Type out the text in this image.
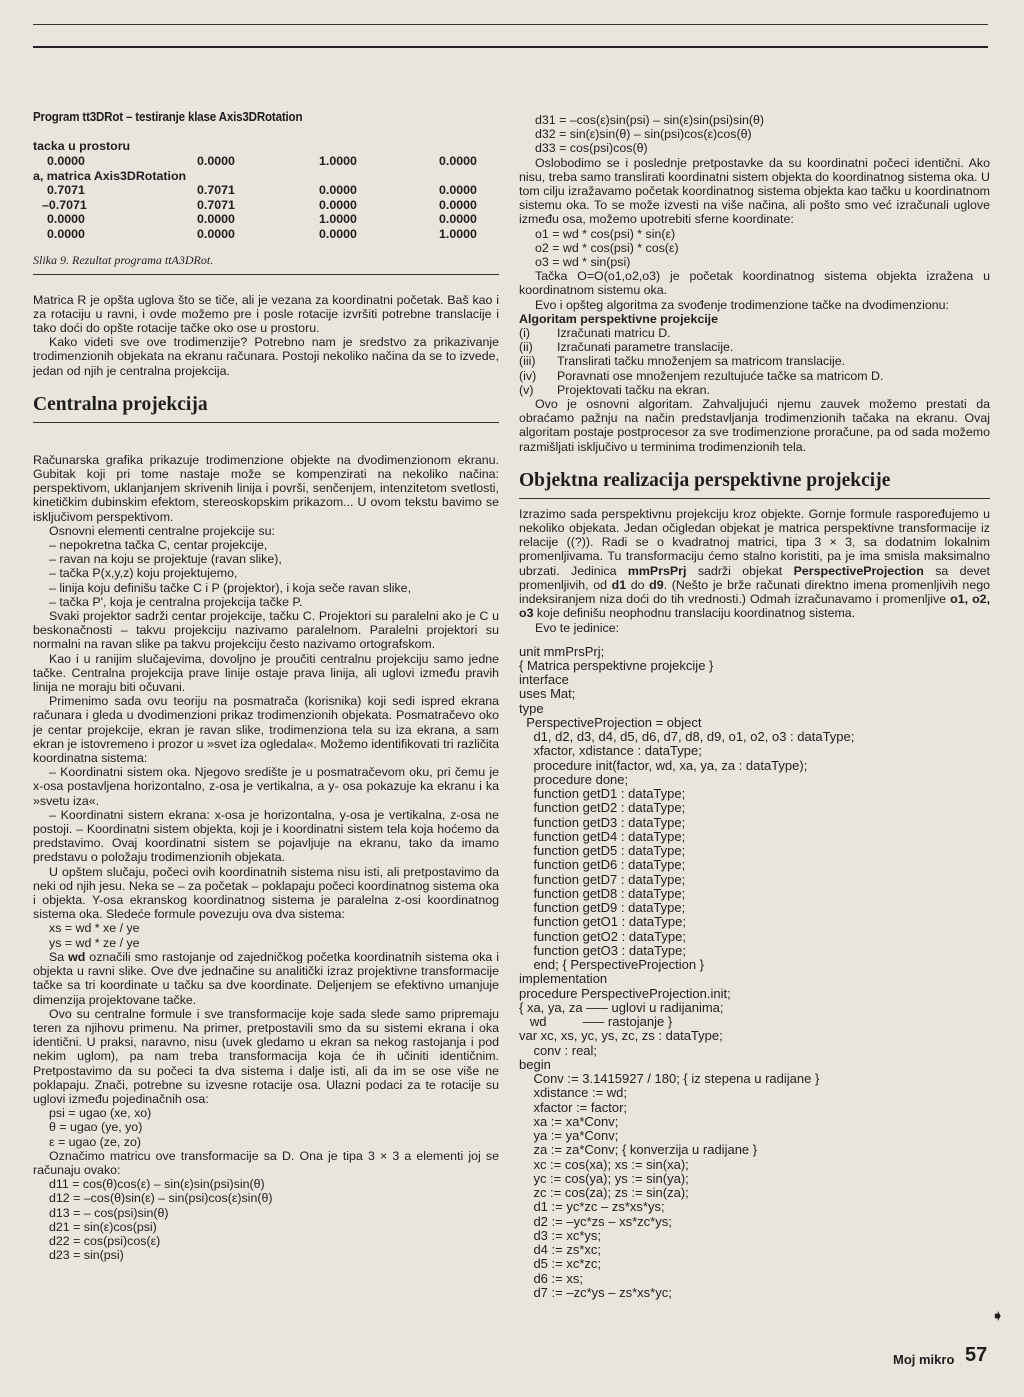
Program tt3DRot – testiranje klase Axis3DRotation
tacka u prostoru			
0.0000	0.0000	1.0000	0.0000
a, matrica Axis3DRotation			
0.7071	0.7071	0.0000	0.0000
–0.7071	0.7071	0.0000	0.0000
0.0000	0.0000	1.0000	0.0000
0.0000	0.0000	0.0000	1.0000
Slika 9. Rezultat programa ttA3DRot.

Matrica R je opšta uglova što se tiče, ali je vezana za koordinatni početak. Baš kao i za rotaciju u ravni, i ovde možemo pre i posle rotacije izvršiti potrebne translacije i tako doći do opšte rotacije tačke oko ose u prostoru.

Kako videti sve ove trodimenzije? Potrebno nam je sredstvo za prikazivanje trodimenzionih objekata na ekranu računara. Postoji nekoliko načina da se to izvede, jedan od njih je centralna projekcija.

Centralna projekcija

Računarska grafika prikazuje trodimenzione objekte na dvodimenzionom ekranu. Gubitak koji pri tome nastaje može se kompenzirati na nekoliko načina: perspektivom, uklanjanjem skrivenih linija i površi, senčenjem, intenzitetom svetlosti, kinetičkim dubinskim efektom, stereoskopskim prikazom... U ovom tekstu bavimo se isključivom perspektivom.

Osnovni elementi centralne projekcije su:

– nepokretna tačka C, centar projekcije,

– ravan na koju se projektuje (ravan slike),

– tačka P(x,y,z) koju projektujemo,

– linija koju definišu tačke C i P (projektor), i koja seče ravan slike,

– tačka P', koja je centralna projekcija tačke P.

Svaki projektor sadrži centar projekcije, tačku C. Projektori su paralelni ako je C u beskonačnosti – takvu projekciju nazivamo paralelnom. Paralelni projektori su normalni na ravan slike pa takvu projekciju često nazivamo ortografskom.

Kao i u ranijim slučajevima, dovoljno je proučiti centralnu projekciju samo jedne tačke. Centralna projekcija prave linije ostaje prava linija, ali uglovi između pravih linija ne moraju biti očuvani.

Primenimo sada ovu teoriju na posmatrača (korisnika) koji sedi ispred ekrana računara i gleda u dvodimenzioni prikaz trodimenzionih objekata. Posmatračevo oko je centar projekcije, ekran je ravan slike, trodimenziona tela su iza ekrana, a sam ekran je istovremeno i prozor u »svet iza ogledala«. Možemo identifikovati tri različita koordinatna sistema:

– Koordinatni sistem oka. Njegovo središte je u posmatračevom oku, pri čemu je x-osa postavljena horizontalno, z-osa je vertikalna, a y- osa pokazuje ka ekranu i ka »svetu iza«.

– Koordinatni sistem ekrana: x-osa je horizontalna, y-osa je vertikalna, z-osa ne postoji. – Koordinatni sistem objekta, koji je i koordinatni sistem tela koja hoćemo da predstavimo. Ovaj koordinatni sistem se pojavljuje na ekranu, tako da imamo predstavu o položaju trodimenzionih objekata.

U opštem slučaju, počeci ovih koordinatnih sistema nisu isti, ali pretpostavimo da neki od njih jesu. Neka se – za početak – poklapaju počeci koordinatnog sistema oka i objekta. Y-osa ekranskog koordinatnog sistema je paralelna z-osi koordinatnog sistema oka. Sledeće formule povezuju ova dva sistema:

xs = wd * xe / ye

ys = wd * ze / ye

Sa wd označili smo rastojanje od zajedničkog početka koordinatnih sistema oka i objekta u ravni slike. Ove dve jednačine su analitički izraz projektivne transformacije tačke sa tri koordinate u tačku sa dve koordinate. Deljenjem se efektivno umanjuje dimenzija projektovane tačke.

Ovo su centralne formule i sve transformacije koje sada slede samo pripremaju teren za njihovu primenu. Na primer, pretpostavili smo da su sistemi ekrana i oka identični. U praksi, naravno, nisu (uvek gledamo u ekran sa nekog rastojanja i pod nekim uglom), pa nam treba transformacija koja će ih učiniti identičnim. Pretpostavimo da su počeci ta dva sistema i dalje isti, ali da im se ose više ne poklapaju. Znači, potrebne su izvesne rotacije osa. Ulazni podaci za te rotacije su uglovi između pojedinačnih osa:

psi = ugao (xe, xo)

θ = ugao (ye, yo)

ε = ugao (ze, zo)

Označimo matricu ove transformacije sa D. Ona je tipa 3 × 3 a elementi joj se računaju ovako:

d11 = cos(θ)cos(ε) – sin(ε)sin(psi)sin(θ)

d12 = –cos(θ)sin(ε) – sin(psi)cos(ε)sin(θ)

d13 = – cos(psi)sin(θ)

d21 = sin(ε)cos(psi)

d22 = cos(psi)cos(ε)

d23 = sin(psi)

d31 = –cos(ε)sin(psi) – sin(ε)sin(psi)sin(θ)

d32 = sin(ε)sin(θ) – sin(psi)cos(ε)cos(θ)

d33 = cos(psi)cos(θ)

Oslobodimo se i poslednje pretpostavke da su koordinatni počeci identični. Ako nisu, treba samo translirati koordinatni sistem objekta do koordinatnog sistema oka. U tom cilju izražavamo početak koordinatnog sistema objekta kao tačku u koordinatnom sistemu oka. To se može izvesti na više načina, ali pošto smo već izračunali uglove između osa, možemo upotrebiti sferne koordinate:

o1 = wd * cos(psi) * sin(ε)

o2 = wd * cos(psi) * cos(ε)

o3 = wd * sin(psi)

Tačka O=O(o1,o2,o3) je početak koordinatnog sistema objekta izražena u koordinatnom sistemu oka.

Evo i opšteg algoritma za svođenje trodimenzione tačke na dvodimenzionu:

Algoritam perspektivne projekcije

(i)	Izračunati matricu D.
(ii)	Izračunati parametre translacije.
(iii)	Translirati tačku množenjem sa matricom translacije.
(iv)	Poravnati ose množenjem rezultujuće tačke sa matricom D.
(v)	Projektovati tačku na ekran.

Ovo je osnovni algoritam. Zahvaljujući njemu zauvek možemo prestati da obraćamo pažnju na način predstavljanja trodimenzionih tačaka na ekranu. Ovaj algoritam postaje postprocesor za sve trodimenzione proračune, pa od sada možemo razmišljati isključivo u terminima trodimenzionih tela.

Objektna realizacija perspektivne projekcije

Izrazimo sada perspektivnu projekciju kroz objekte. Gornje formule raspoređujemo u nekoliko objekata. Jedan očigledan objekat je matrica perspektivne transformacije iz relacije ((?)). Radi se o kvadratnoj matrici, tipa 3 × 3, sa dodatnim lokalnim promenljivama. Tu transformaciju ćemo stalno koristiti, pa je ima smisla maksimalno ubrzati. Jedinica mmPrsPrj sadrži objekat PerspectiveProjection sa devet promenljivih, od d1 do d9. (Nešto je brže računati direktno imena promenljivih nego indeksiranjem niza doći do tih vrednosti.) Odmah izračunavamo i promenljive o1, o2, o3 koje definišu neophodnu translaciju koordinatnog sistema.

Evo te jedinice:

unit mmPrsPrj;
{ Matrica perspektivne projekcije }
interface
uses Mat;
type
PerspectiveProjection = object
d1, d2, d3, d4, d5, d6, d7, d8, d9, o1, o2, o3 : dataType;
xfactor, xdistance : dataType;
procedure init(factor, wd, xa, ya, za : dataType);
procedure done;
function getD1 : dataType;
function getD2 : dataType;
function getD3 : dataType;
function getD4 : dataType;
function getD5 : dataType;
function getD6 : dataType;
function getD7 : dataType;
function getD8 : dataType;
function getD9 : dataType;
function getO1 : dataType;
function getO2 : dataType;
function getO3 : dataType;
end; { PerspectiveProjection }
implementation
procedure PerspectiveProjection.init;
{ xa, ya, za ––– uglovi u radijanima;
wd          ––– rastojanje }
var xc, xs, yc, ys, zc, zs : dataType;
conv : real;
begin
Conv := 3.1415927 / 180; { iz stepena u radijane }
xdistance := wd;
xfactor := factor;
xa := xa*Conv;
ya := ya*Conv;
za := za*Conv; { konverzija u radijane }
xc := cos(xa); xs := sin(xa);
yc := cos(ya); ys := sin(ya);
zc := cos(za); zs := sin(za);
d1 := yc*zc – zs*xs*ys;
d2 := –yc*zs – xs*zc*ys;
d3 := xc*ys;
d4 := zs*xc;
d5 := xc*zc;
d6 := xs;
d7 := –zc*ys – zs*xs*yc;
➧
Moj mikro 57
